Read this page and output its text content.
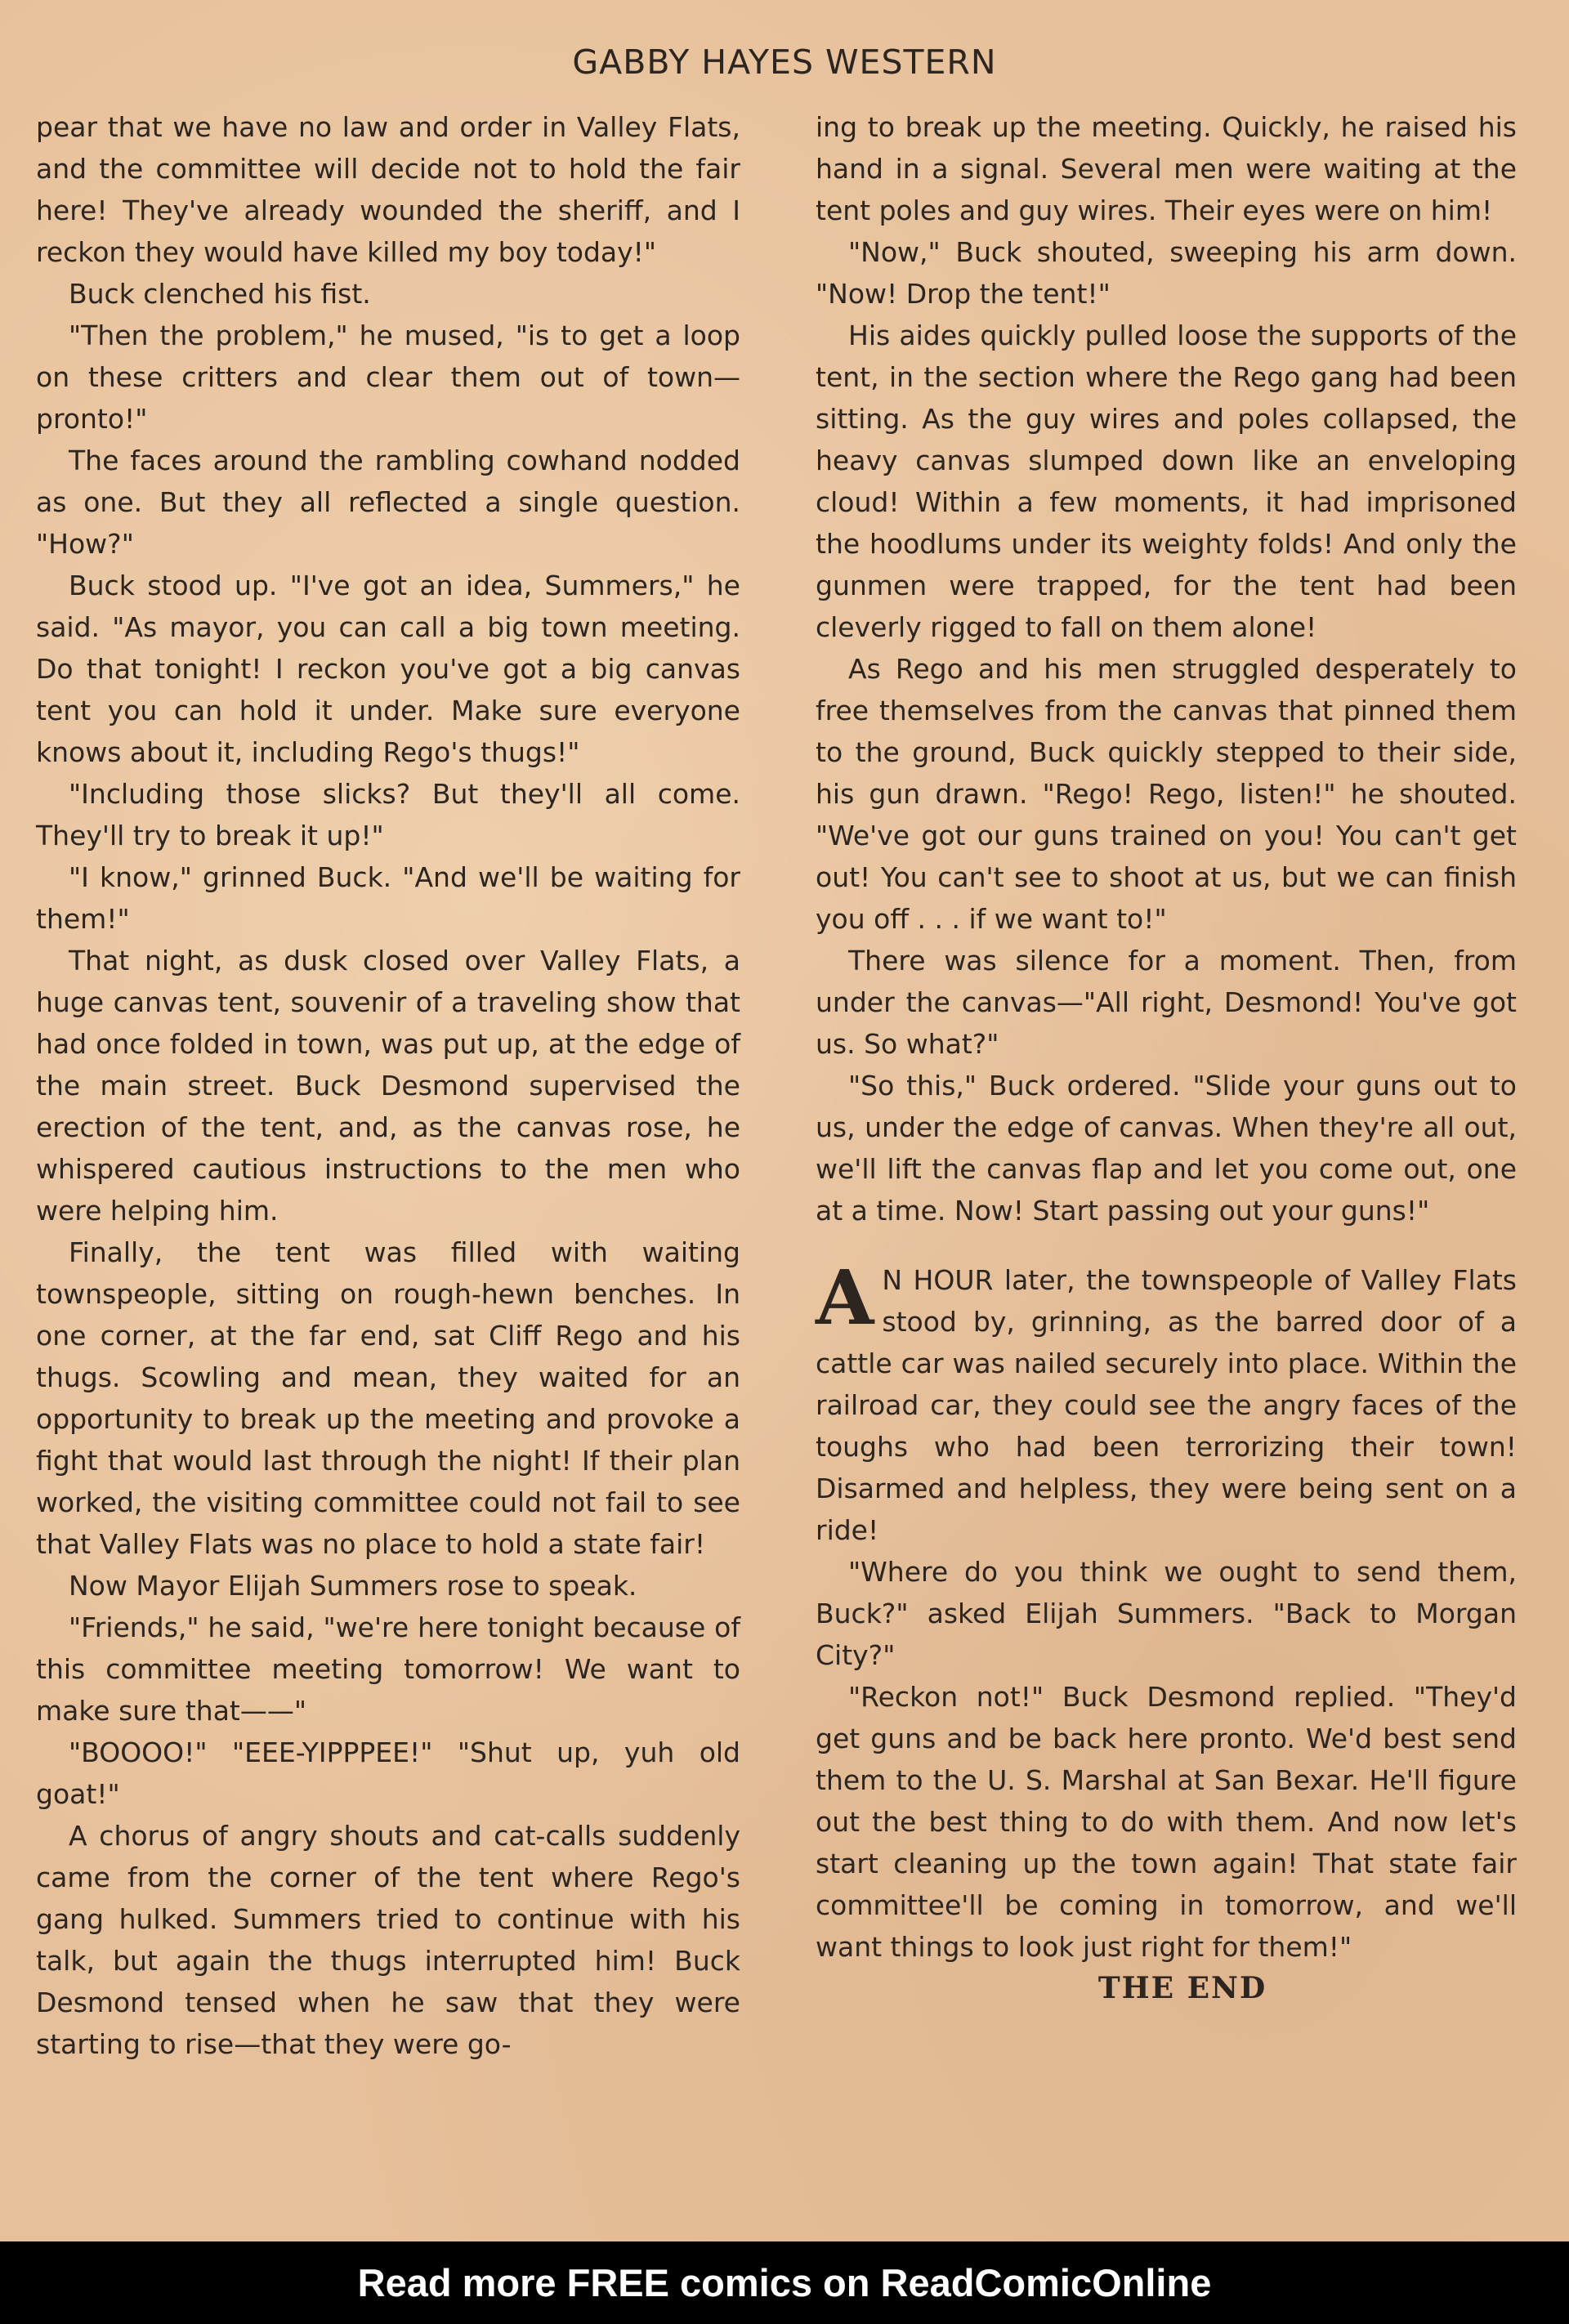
GABBY HAYES WESTERN

pear that we have no law and order in Valley Flats, and the committee will decide not to hold the fair here! They've already wounded the sheriff, and I reckon they would have killed my boy today!"

Buck clenched his fist.

"Then the problem," he mused, "is to get a loop on these critters and clear them out of town—pronto!"

The faces around the rambling cowhand nodded as one. But they all reflected a single question. "How?"

Buck stood up. "I've got an idea, Summers," he said. "As mayor, you can call a big town meeting. Do that tonight! I reckon you've got a big canvas tent you can hold it under. Make sure everyone knows about it, including Rego's thugs!"

"Including those slicks? But they'll all come. They'll try to break it up!"

"I know," grinned Buck. "And we'll be waiting for them!"

That night, as dusk closed over Valley Flats, a huge canvas tent, souvenir of a traveling show that had once folded in town, was put up, at the edge of the main street. Buck Desmond supervised the erection of the tent, and, as the canvas rose, he whispered cautious instructions to the men who were helping him.

Finally, the tent was filled with waiting townspeople, sitting on rough-hewn benches. In one corner, at the far end, sat Cliff Rego and his thugs. Scowling and mean, they waited for an opportunity to break up the meeting and provoke a fight that would last through the night! If their plan worked, the visiting committee could not fail to see that Valley Flats was no place to hold a state fair!

Now Mayor Elijah Summers rose to speak.

"Friends," he said, "we're here tonight because of this committee meeting tomorrow! We want to make sure that——"

"BOOOO!" "EEE-YIPPPEE!" "Shut up, yuh old goat!"

A chorus of angry shouts and cat-calls suddenly came from the corner of the tent where Rego's gang hulked. Summers tried to continue with his talk, but again the thugs interrupted him! Buck Desmond tensed when he saw that they were starting to rise—that they were go-

ing to break up the meeting. Quickly, he raised his hand in a signal. Several men were waiting at the tent poles and guy wires. Their eyes were on him!

"Now," Buck shouted, sweeping his arm down. "Now! Drop the tent!"

His aides quickly pulled loose the supports of the tent, in the section where the Rego gang had been sitting. As the guy wires and poles collapsed, the heavy canvas slumped down like an enveloping cloud! Within a few moments, it had imprisoned the hoodlums under its weighty folds! And only the gunmen were trapped, for the tent had been cleverly rigged to fall on them alone!

As Rego and his men struggled desperately to free themselves from the canvas that pinned them to the ground, Buck quickly stepped to their side, his gun drawn. "Rego! Rego, listen!" he shouted. "We've got our guns trained on you! You can't get out! You can't see to shoot at us, but we can finish you off . . . if we want to!"

There was silence for a moment. Then, from under the canvas—"All right, Desmond! You've got us. So what?"

"So this," Buck ordered. "Slide your guns out to us, under the edge of canvas. When they're all out, we'll lift the canvas flap and let you come out, one at a time. Now! Start passing out your guns!"

A N HOUR later, the townspeople of Valley Flats stood by, grinning, as the barred door of a cattle car was nailed securely into place. Within the railroad car, they could see the angry faces of the toughs who had been terrorizing their town! Disarmed and helpless, they were being sent on a ride!

"Where do you think we ought to send them, Buck?" asked Elijah Summers. "Back to Morgan City?"

"Reckon not!" Buck Desmond replied. "They'd get guns and be back here pronto. We'd best send them to the U. S. Marshal at San Bexar. He'll figure out the best thing to do with them. And now let's start cleaning up the town again! That state fair committee'll be coming in tomorrow, and we'll want things to look just right for them!"

THE END

Read more FREE comics on ReadComicOnline
